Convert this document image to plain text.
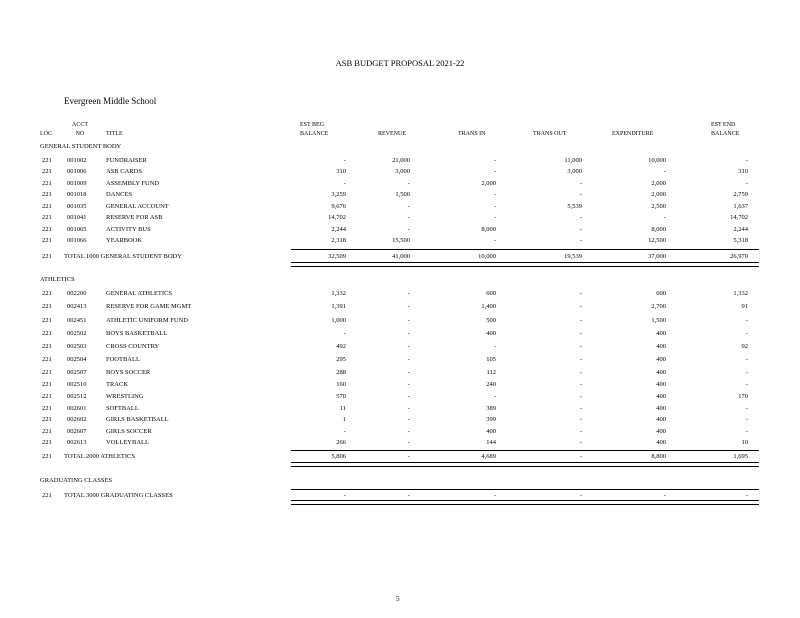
ASB BUDGET PROPOSAL 2021-22
Evergreen Middle School
LOC
ACCT
NO	TITLE
EST BEG
BALANCE	REVENUE	TRANS IN	TRANS OUT	EXPENDITURE
EST END
BALANCE
GENERAL STUDENT BODY
221	001002	FUNDRAISER	-	21,000	-	11,000	10,000	-
221	001006	ASB CARDS	310	3,000	-	3,000	-	310
221	001009	ASSEMBLY FUND	-	-	2,000	-	2,000	-
221	001018	DANCES	3,259	1,500	-	-	2,000	2,759
221	001035	GENERAL ACCOUNT	9,676	-	-	5,539	2,500	1,637
221	001041	RESERVE FOR ASB	14,702	-	-	-	-	14,702
221	001065	ACTIVITY BUS	2,244	-	8,000	-	8,000	2,244
221	001066	YEARBOOK	2,318	15,500	-	-	12,500	5,318
221	TOTAL 1000 GENERAL STUDENT BODY	32,509	41,000	10,000	19,539	37,000	26,970
ATHLETICS
221	002200	GENERAL ATHLETICS	1,332	-	600	-	600	1,332
221	002413	RESERVE FOR GAME MGMT	1,391	-	1,400	-	2,700	91
221	002451	ATHLETIC UNIFORM FUND	1,000	-	500	-	1,500	-
221	002502	BOYS BASKETBALL	-	-	400	-	400	-
221	002503	CROSS COUNTRY	492	-	-	-	400	92
221	002504	FOOTBALL	295	-	105	-	400	-
221	002507	BOYS SOCCER	288	-	112	-	400	-
221	002510	TRACK	160	-	240	-	400	-
221	002512	WRESTLING	570	-	-	-	400	170
221	002601	SOFTBALL	11	-	389	-	400	-
221	002602	GIRLS BASKETBALL	1	-	399	-	400	-
221	002607	GIRLS SOCCER	-	-	400	-	400	-
221	002613	VOLLEYBALL	266	-	144	-	400	10
221	TOTAL 2000 ATHLETICS	5,806	-	4,689	-	8,800	1,695
GRADUATING CLASSES
221	TOTAL 3000 GRADUATING CLASSES	-	-	-	-	-	-
5
